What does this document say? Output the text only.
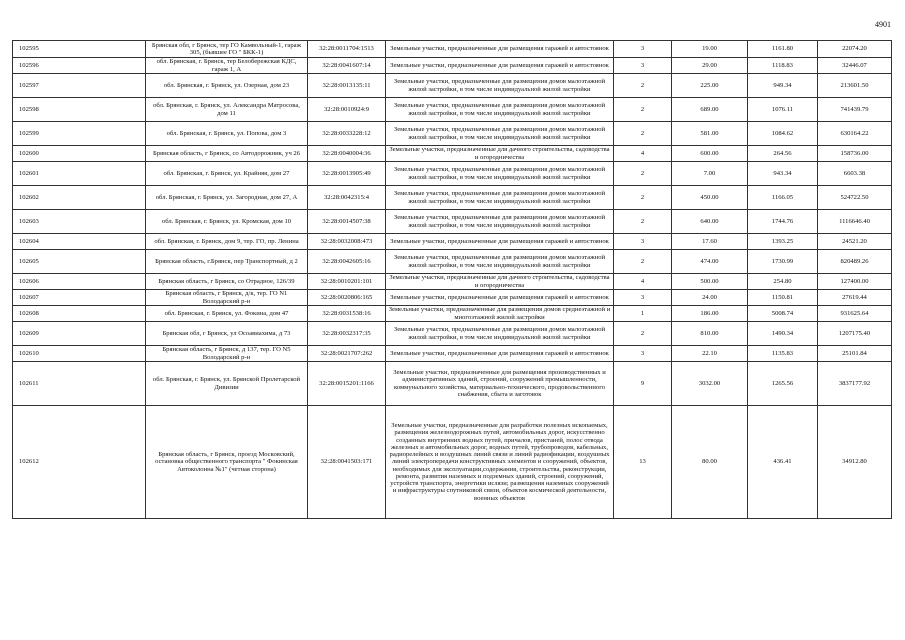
4901
102595	Брянская обл, г Брянск, тер ГО Камвольный-1, гараж 305, (бывшее ГО " БКК-1)	32:28:0011704:1513	Земельные участки, предназначенные для размещения гаражей и автостоянок	3	19.00	1161.80	22074.20
102596	обл. Брянская, г. Брянск, тер Белобережская КДС, гараж 1, А	32:28:0041607:14	Земельные участки, предназначенные для размещения гаражей и автостоянок	3	29.00	1118.83	32446.07
102597	обл. Брянская, г. Брянск, ул. Озерная, дом 23	32:28:0013135:11	Земельные участки, предназначенные для размещения домов малоэтажной жилой застройки, в том числе индивидуальной жилой застройки	2	225.00	949.34	213601.50
102598	обл. Брянская, г. Брянск, ул. Александра Матросова, дом 11	32:28:0010924:9	Земельные участки, предназначенные для размещения домов малоэтажной жилой застройки, в том числе индивидуальной жилой застройки	2	689.00	1076.11	741439.79
102599	обл. Брянская, г. Брянск, ул. Попова, дом 3	32:28:0033228:12	Земельные участки, предназначенные для размещения домов малоэтажной жилой застройки, в том числе индивидуальной жилой застройки	2	581.00	1084.62	630164.22
102600	Брянская область, г Брянск, со Автодорожник, уч 26	32:28:0040004:36	Земельные участки, предназначенные для дачного строительства, садоводства и огородничества	4	600.00	264.56	158736.00
102601	обл. Брянская, г. Брянск, ул. Крайняя, дом 27	32:28:0013905:49	Земельные участки, предназначенные для размещения домов малоэтажной жилой застройки, в том числе индивидуальной жилой застройки	2	7.00	943.34	6603.38
102602	обл. Брянская, г. Брянск, ул. Загородная, дом 27, А	32:28:0042315:4	Земельные участки, предназначенные для размещения домов малоэтажной жилой застройки, в том числе индивидуальной жилой застройки	2	450.00	1166.05	524722.50
102603	обл. Брянская, г. Брянск, ул. Кромская, дом 10	32:28:0014507:38	Земельные участки, предназначенные для размещения домов малоэтажной жилой застройки, в том числе индивидуальной жилой застройки	2	640.00	1744.76	1116646.40
102604	обл. Брянская, г. Брянск, дом 9, тер. ГО, пр. Ленина	32:28:0032008:473	Земельные участки, предназначенные для размещения гаражей и автостоянок	3	17.60	1393.25	24521.20
102605	Брянская область, г.Брянск, пер Транспортный, д 2	32:28:0042605:16	Земельные участки, предназначенные для размещения домов малоэтажной жилой застройки, в том числе индивидуальной жилой застройки	2	474.00	1730.99	820489.26
102606	Брянская область, г Брянск, со Отрадное, 126/39	32:28:0010201:101	Земельные участки, предназначенные для дачного строительства, садоводства и огородничества	4	500.00	254.80	127400.00
102607	Брянская область, г Брянск, д/к, тер. ГО N1 Володарский р-н	32:28:0020806:165	Земельные участки, предназначенные для размещения гаражей и автостоянок	3	24.00	1150.81	27619.44
102608	обл. Брянская, г. Брянск, ул. Фокина, дом 47	32:28:0031538:16	Земельные участки, предназначенные для размещения домов среднеэтажной и многоэтажной жилой застройки	1	186.00	5008.74	931625.64
102609	Брянская обл, г Брянск, ул Осоавиахима, д 73	32:28:0032317:35	Земельные участки, предназначенные для размещения домов малоэтажной жилой застройки, в том числе индивидуальной жилой застройки	2	810.00	1490.34	1207175.40
102610	Брянская область, г Брянск, д 137, тер. ГО N5 Володарский р-н	32:28:0021707:262	Земельные участки, предназначенные для размещения гаражей и автостоянок	3	22.10	1135.83	25101.84
102611	обл. Брянская, г. Брянск, ул. Брянской Пролетарской Дивизии	32:28:0015201:1166	Земельные участки, предназначенные для размещения производственных и административных зданий, строений, сооружений промышленности, коммунального хозяйства, материально-технического, продовольственного снабжения, сбыта и заготовок	9	3032.00	1265.56	3837177.92
102612	Брянская область, г Брянск, проезд Московский, остановка общественного транспорта " Фокинская Автоколонна №1" (четная сторона)	32:28:0041503:171	Земельные участки, предназначенные для разработки полезных ископаемых, размещения железнодорожных путей, автомобильных дорог, искусственно созданных внутренних водных путей, причалов, пристаней, полос отвода железных и автомобильных дорог, водных путей, трубопроводов, кабельных, радиорелейных и воздушных линий связи и линий радиофикации, воздушных линий электропередачи конструктивных элементов и сооружений, объектов, необходимых для эксплуатации,содержания, строительства, реконструкции, ремонта, развития наземных и подземных зданий, строений, сооружений, устройств транспорта, энергетики ислязи; размещения наземных сооружений и инфраструктуры спутниковой связи, объектов космической деятельности, военных объектов	13	80.00	436.41	34912.80
